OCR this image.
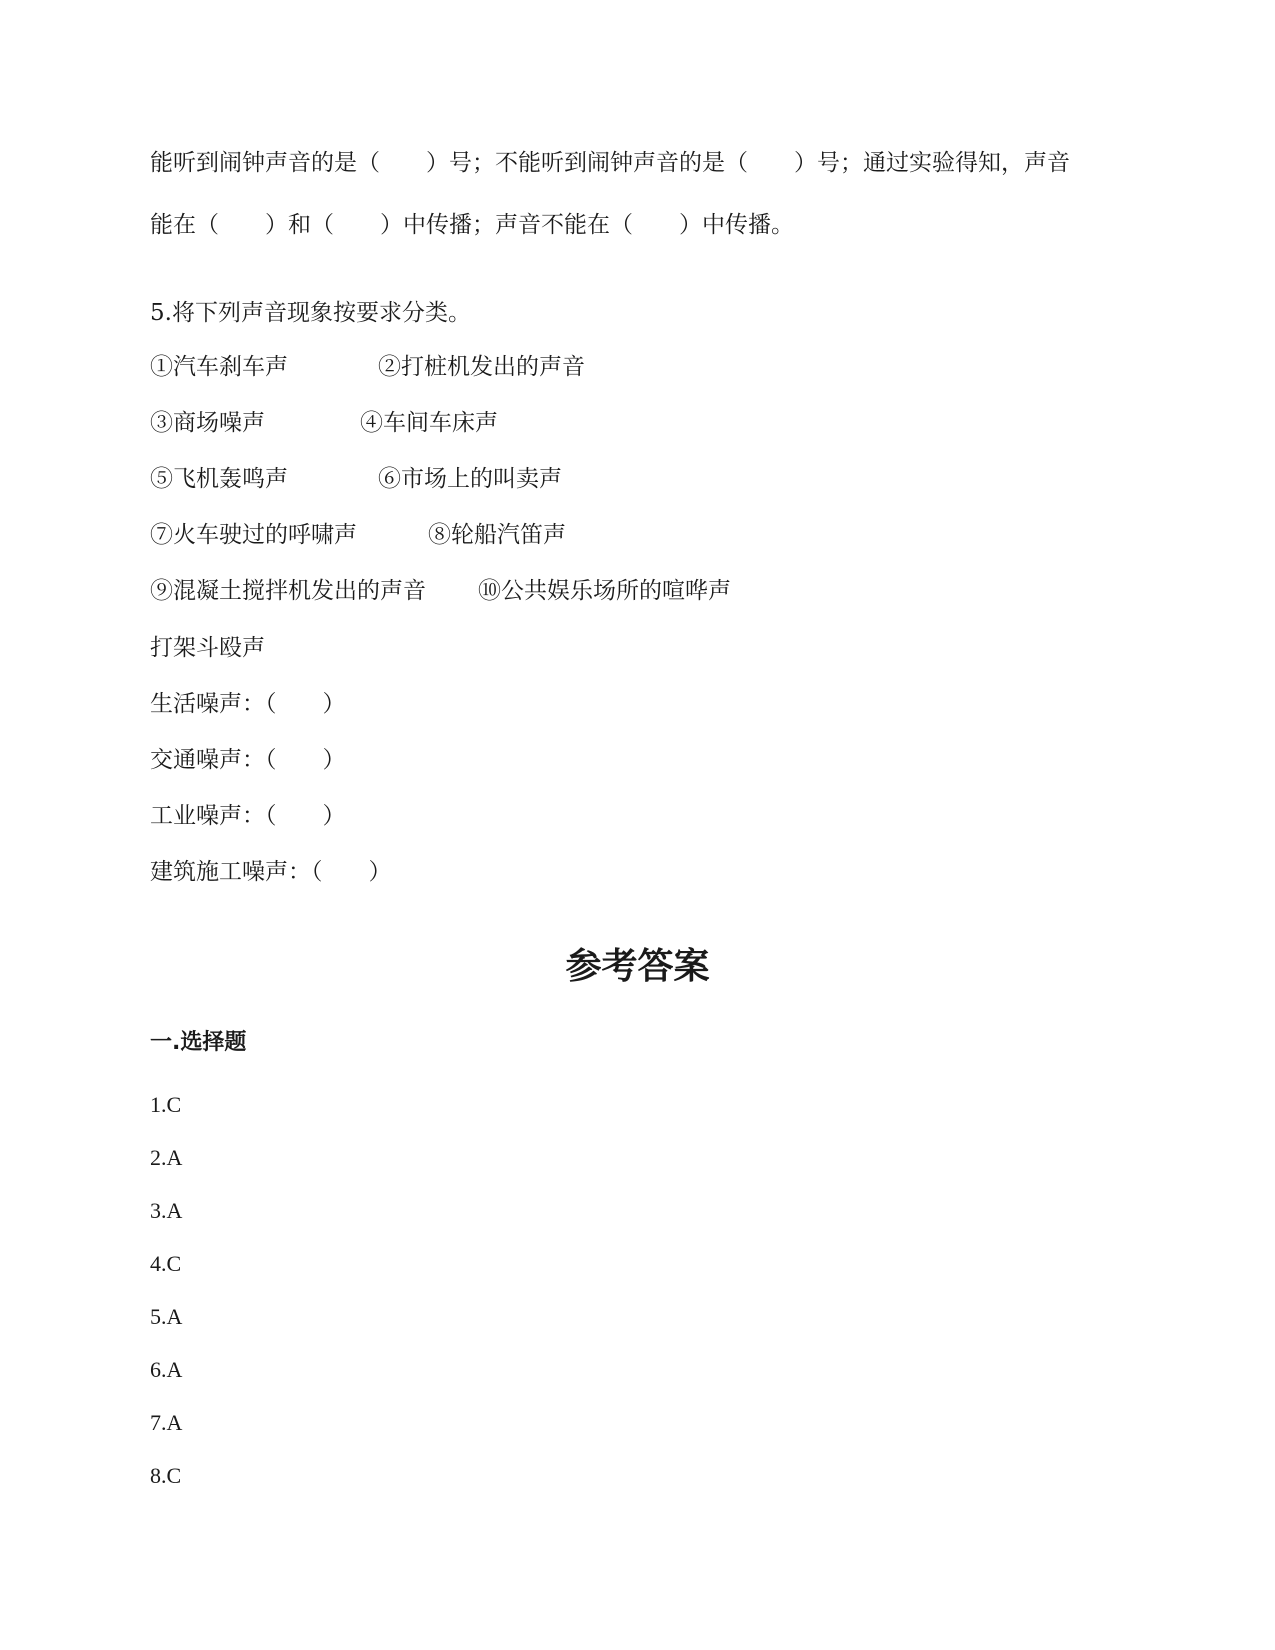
能听到闹钟声音的是（　　）号；不能听到闹钟声音的是（　　）号；通过实验得知，声音
能在（　　）和（　　）中传播；声音不能在（　　）中传播。
5.将下列声音现象按要求分类。
①汽车刹车声	②打桩机发出的声音
③商场噪声	④车间车床声
⑤飞机轰鸣声	⑥市场上的叫卖声
⑦火车驶过的呼啸声	⑧轮船汽笛声
⑨混凝土搅拌机发出的声音 ⑩公共娱乐场所的喧哗声
打架斗殴声
生活噪声：（　　）
交通噪声：（　　）
工业噪声：（　　）
建筑施工噪声：（　　）
参考答案
一.选择题
1.C
2.A
3.A
4.C
5.A
6.A
7.A
8.C
